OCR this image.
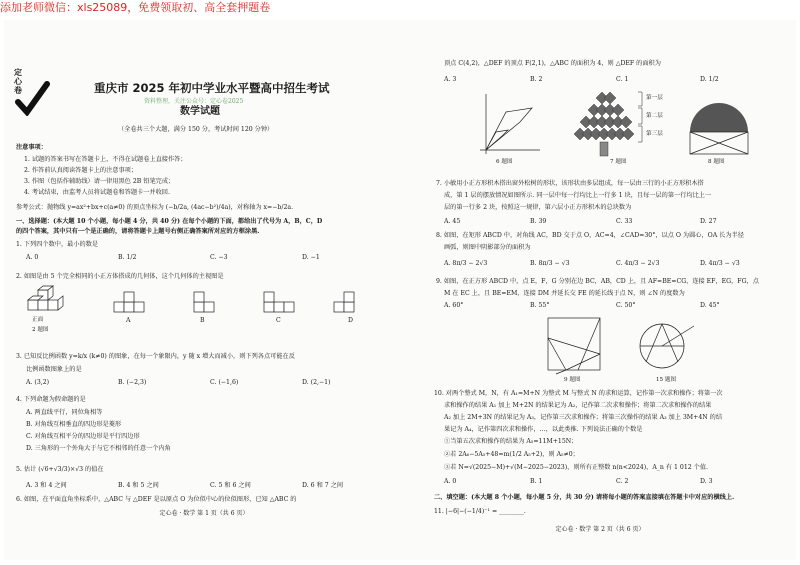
添加老师微信：xls25089，免费领取初、高全套押题卷
定心卷	重庆市 2025 年初中学业水平暨高中招生考试
资料整理，关注公众号：定心卷2025
数学试题
（全卷共三个大题，满分 150 分，考试时间 120 分钟）
注意事项：
1. 试题的答案书写在答题卡上，不得在试题卷上直接作答；
2. 作答前认真阅读答题卡上的注意事项；
3. 作图（包括作辅助线）请一律用黑色 2B 铅笔完成；
4. 考试结束，由监考人员将试题卷和答题卡一并收回.
参考公式：抛物线 y=ax²+bx+c(a≠0) 的顶点坐标为 (−b/2a, (4ac−b²)/4a)，对称轴为 x=−b/2a.
一、选择题：(本大题 10 个小题，每小题 4 分，共 40 分) 在每个小题的下面，都给出了代号为 A，B，C，D
的四个答案，其中只有一个是正确的，请将答题卡上题号右侧正确答案所对应的方框涂黑.
1. 下列四个数中，最小的数是
A. 0	B. 1/2	C. −3	D. −1
2. 如图是由 5 个完全相同的小正方体搭成的几何体，这个几何体的主视图是
正面
2 题图
A	B	C	D
3. 已知反比例函数 y=k/x (k≠0) 的图象，在每一个象限内，y 随 x 增大而减小，则下列各点可能在反
比例函数图象上的是
A. (3,2)	B. (−2,3)	C. (−1,6)	D. (2,−1)
4. 下列命题为假命题的是
A. 两直线平行，同位角相等
B. 对角线互相垂直的四边形是菱形
C. 对角线互相平分的四边形是平行四边形
D. 三角形的一个外角大于与它不相邻的任意一个内角
5. 估计 (√6+√3/3)×√3 的值在
A. 3 和 4 之间	B. 4 和 5 之间	C. 5 和 6 之间	D. 6 和 7 之间
6. 如图，在平面直角坐标系中，△ABC 与 △DEF 是以原点 O 为位似中心的位似图形，已知 △ABC 的
定心卷 · 数学 第 1 页（共 6 页）
顶点 C(4,2)，△DEF 的顶点 F(2,1)，△ABC 的面积为 4，则 △DEF 的面积为
A. 3	B. 2	C. 1	D. 1/2
6 题图
第一层
第二层
第三层
7 题图	8 题图
7. 小敏用小正方形积木搭出窗外松树的形状，该形状由多层组成，每一层由三行的小正方形积木搭
成，第 1 层的摆放情况如图所示. 同一层中每一行均比上一行多 1 块，且每一层的第一行均比上一
层的第一行多 2 块，按照这一规律，第六层小正方形积木的总块数为
A. 45	B. 39	C. 33	D. 27
8. 如图，在矩形 ABCD 中，对角线 AC，BD 交于点 O，AC=4，∠CAD=30°，以点 O 为圆心，OA 长为半径
画弧，则图中阴影部分的面积为
A. 8π/3 − 2√3	B. 8π/3 − √3	C. 4π/3 − 2√3	D. 4π/3 − √3
9. 如图，在正方形 ABCD 中，点 E，F，G 分别在边 BC，AB，CD 上，且 AF=BE=CG，连接 EF，EG，FG，点
M 在 EC 上，且 BE=EM，连接 DM 并延长交 FE 的延长线于点 N，则 ∠N 的度数为
A. 60°	B. 55°	C. 50°	D. 45°
9 题图	15 题图
10. 对两个整式 M，N，有 A₁=M+N 为整式 M 与整式 N 的求和运算，记作第一次求和操作；将第一次
求和操作的结果 A₁ 加上 M+2N 的结果记为 A₂，记作第二次求和操作；将第二次求和操作的结果
A₂ 加上 2M+3N 的结果记为 A₃，记作第三次求和操作；将第三次操作的结果 A₃ 加上 3M+4N 的结
果记为 A₄，记作第四次求和操作，…，以此类推. 下列说法正确的个数是
①当第五次求和操作的结果为 A₅=11M+15N；
②若 2A₆−5A₅+48=m(1/2 A₅+2)，则 A₅≠0；
③若 N=√(2025−M)+√(M−2025−2023)，则所有正整数 n(n<2024)，A_n 有 1 012 个值.
A. 0	B. 1	C. 2	D. 3
二、填空题：(本大题 8 个小题，每小题 5 分，共 30 分) 请将每小题的答案直接填在答题卡中对应的横线上.
11. |−6|−(−1/4)⁻¹ = ________.
定心卷 · 数学 第 2 页（共 6 页）
